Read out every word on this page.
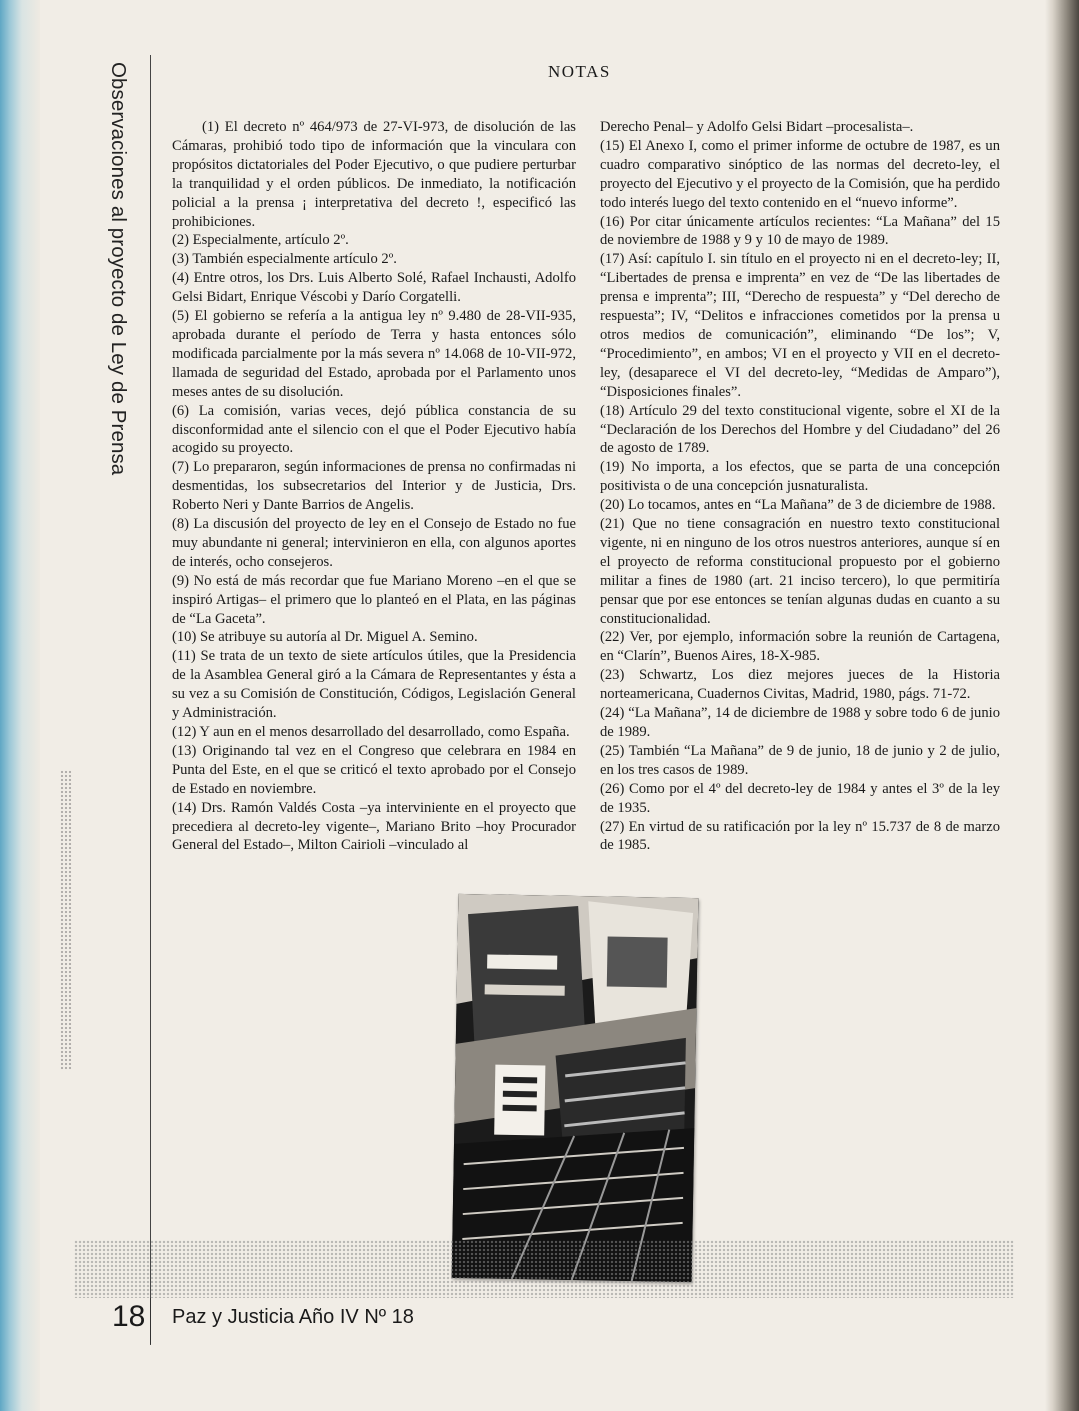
Observaciones al proyecto de Ley de Prensa	NOTAS

(1) El decreto nº 464/973 de 27-VI-973, de disolución de las Cámaras, prohibió todo tipo de información que la vinculara con propósitos dictatoriales del Poder Ejecutivo, o que pudiere perturbar la tranquilidad y el orden públicos. De inmediato, la notificación policial a la prensa ¡ interpretativa del decreto !, especificó las prohibiciones.

(2) Especialmente, artículo 2º.

(3) También especialmente artículo 2º.

(4) Entre otros, los Drs. Luis Alberto Solé, Rafael Inchausti, Adolfo Gelsi Bidart, Enrique Véscobi y Darío Corgatelli.

(5) El gobierno se refería a la antigua ley nº 9.480 de 28-VII-935, aprobada durante el período de Terra y hasta entonces sólo modificada parcialmente por la más severa nº 14.068 de 10-VII-972, llamada de seguridad del Estado, aprobada por el Parlamento unos meses antes de su disolución.

(6) La comisión, varias veces, dejó pública constancia de su disconformidad ante el silencio con el que el Poder Ejecutivo había acogido su proyecto.

(7) Lo prepararon, según informaciones de prensa no confirmadas ni desmentidas, los subsecretarios del Interior y de Justicia, Drs. Roberto Neri y Dante Barrios de Angelis.

(8) La discusión del proyecto de ley en el Consejo de Estado no fue muy abundante ni general; intervinieron en ella, con algunos aportes de interés, ocho consejeros.

(9) No está de más recordar que fue Mariano Moreno –en el que se inspiró Artigas– el primero que lo planteó en el Plata, en las páginas de “La Gaceta”.

(10) Se atribuye su autoría al Dr. Miguel A. Semino.

(11) Se trata de un texto de siete artículos útiles, que la Presidencia de la Asamblea General giró a la Cámara de Representantes y ésta a su vez a su Comisión de Constitución, Códigos, Legislación General y Administración.

(12) Y aun en el menos desarrollado del desarrollado, como España.

(13) Originando tal vez en el Congreso que celebrara en 1984 en Punta del Este, en el que se criticó el texto aprobado por el Consejo de Estado en noviembre.

(14) Drs. Ramón Valdés Costa –ya interviniente en el proyecto que precediera al decreto-ley vigente–, Mariano Brito –hoy Procurador General del Estado–, Milton Cairioli –vinculado al

Derecho Penal– y Adolfo Gelsi Bidart –procesalista–.

(15) El Anexo I, como el primer informe de octubre de 1987, es un cuadro comparativo sinóptico de las normas del decreto-ley, el proyecto del Ejecutivo y el proyecto de la Comisión, que ha perdido todo interés luego del texto contenido en el “nuevo informe”.

(16) Por citar únicamente artículos recientes: “La Mañana” del 15 de noviembre de 1988 y 9 y 10 de mayo de 1989.

(17) Así: capítulo I. sin título en el proyecto ni en el decreto-ley; II, “Libertades de prensa e imprenta” en vez de “De las libertades de prensa e imprenta”; III, “Derecho de respuesta” y “Del derecho de respuesta”; IV, “Delitos e infracciones cometidos por la prensa u otros medios de comunicación”, eliminando “De los”; V, “Procedimiento”, en ambos; VI en el proyecto y VII en el decreto-ley, (desaparece el VI del decreto-ley, “Medidas de Amparo”), “Disposiciones finales”.

(18) Artículo 29 del texto constitucional vigente, sobre el XI de la “Declaración de los Derechos del Hombre y del Ciudadano” del 26 de agosto de 1789.

(19) No importa, a los efectos, que se parta de una concepción positivista o de una concepción jusnaturalista.

(20) Lo tocamos, antes en “La Mañana” de 3 de diciembre de 1988.

(21) Que no tiene consagración en nuestro texto constitucional vigente, ni en ninguno de los otros nuestros anteriores, aunque sí en el proyecto de reforma constitucional propuesto por el gobierno militar a fines de 1980 (art. 21 inciso tercero), lo que permitiría pensar que por ese entonces se tenían algunas dudas en cuanto a su constitucionalidad.

(22) Ver, por ejemplo, información sobre la reunión de Cartagena, en “Clarín”, Buenos Aires, 18-X-985.

(23) Schwartz, Los diez mejores jueces de la Historia norteamericana, Cuadernos Civitas, Madrid, 1980, págs. 71-72.

(24) “La Mañana”, 14 de diciembre de 1988 y sobre todo 6 de junio de 1989.

(25) También “La Mañana” de 9 de junio, 18 de junio y 2 de julio, en los tres casos de 1989.

(26) Como por el 4º del decreto-ley de 1984 y antes el 3º de la ley de 1935.

(27) En virtud de su ratificación por la ley nº 15.737 de 8 de marzo de 1985.

18 Paz y Justicia Año IV Nº 18
